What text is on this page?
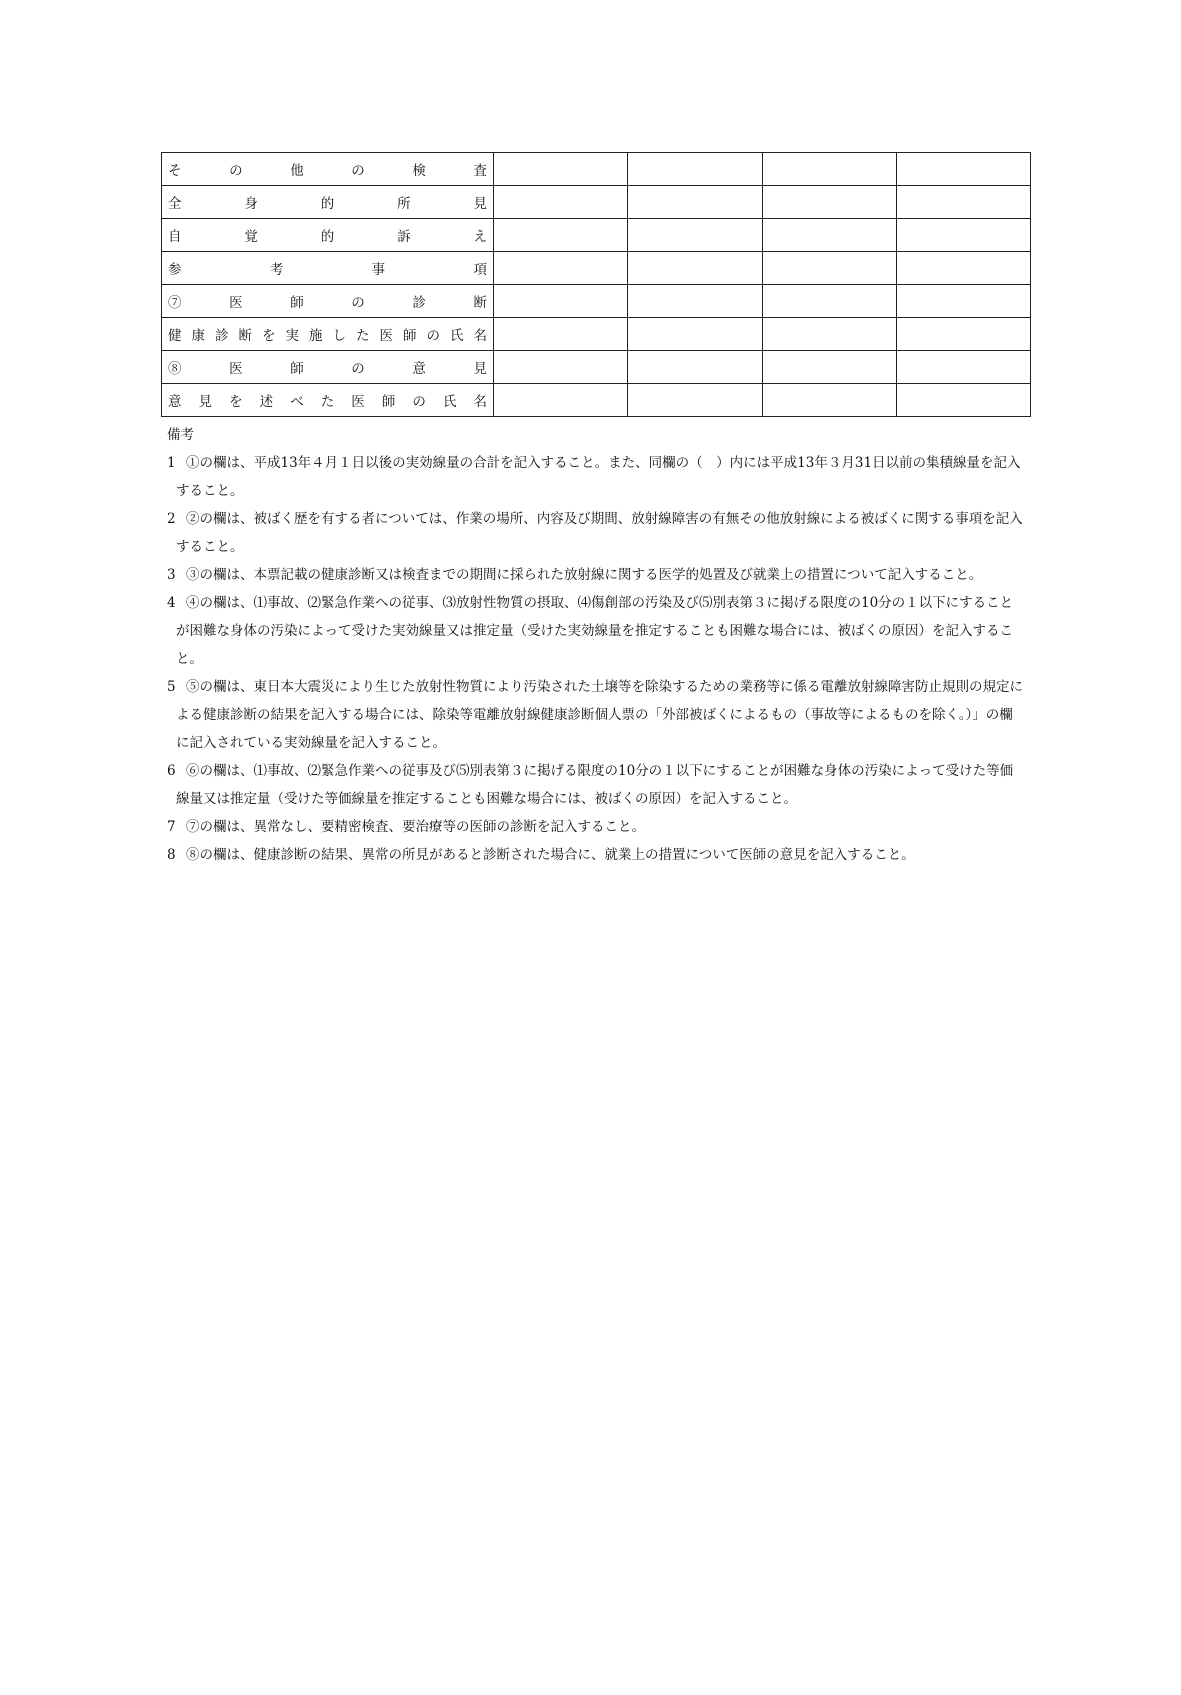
その他の検査				
全身的所見				
自覚的訴え				
参考事項				
⑦医師の診断				
健康診断を実施した医師の氏名				
⑧医師の意見				
意見を述べた医師の氏名				
備考
1 ①の欄は、平成13年４月１日以後の実効線量の合計を記入すること。また、同欄の（　）内には平成13年３月31日以前の集積線量を記入すること。
2 ②の欄は、被ばく歴を有する者については、作業の場所、内容及び期間、放射線障害の有無その他放射線による被ばくに関する事項を記入すること。
3 ③の欄は、本票記載の健康診断又は検査までの期間に採られた放射線に関する医学的処置及び就業上の措置について記入すること。
4 ④の欄は、⑴事故、⑵緊急作業への従事、⑶放射性物質の摂取、⑷傷創部の汚染及び⑸別表第３に掲げる限度の10分の１以下にすることが困難な身体の汚染によって受けた実効線量又は推定量（受けた実効線量を推定することも困難な場合には、被ばくの原因）を記入すること。
5 ⑤の欄は、東日本大震災により生じた放射性物質により汚染された土壌等を除染するための業務等に係る電離放射線障害防止規則の規定による健康診断の結果を記入する場合には、除染等電離放射線健康診断個人票の「外部被ばくによるもの（事故等によるものを除く。）」の欄に記入されている実効線量を記入すること。
6 ⑥の欄は、⑴事故、⑵緊急作業への従事及び⑸別表第３に掲げる限度の10分の１以下にすることが困難な身体の汚染によって受けた等価線量又は推定量（受けた等価線量を推定することも困難な場合には、被ばくの原因）を記入すること。
7 ⑦の欄は、異常なし、要精密検査、要治療等の医師の診断を記入すること。
8 ⑧の欄は、健康診断の結果、異常の所見があると診断された場合に、就業上の措置について医師の意見を記入すること。
